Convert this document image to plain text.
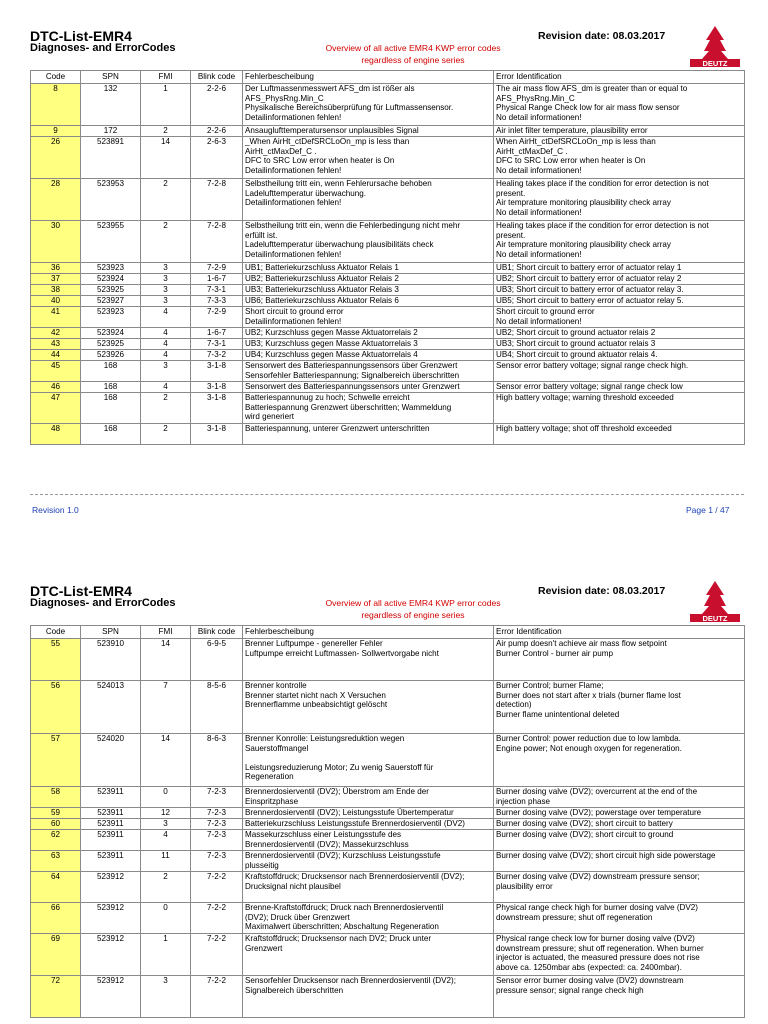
DTC-List-EMR4
Diagnoses- and ErrorCodes	Overview of all active EMR4 KWP error codes
regardless of engine series
Revision date: 08.03.2017
DEUTZ
Code	SPN	FMI	Blink code	Fehlerbescheibung	Error Identification
8	132	1	2-2-6	Der Luftmassenmesswert AFS_dm ist rößer als
AFS_PhysRng.Min_C
Physikalische Bereichsüberprüfung für Luftmassensensor.
Detailinformationen fehlen!	The air mass flow AFS_dm is greater than or equal to
AFS_PhysRng.Min_C
Physical Range Check low for air mass flow sensor
No detail informationen!
9	172	2	2-2-6	Ansauglufttemperatursensor unplausibles Signal	Air inlet filter temperature, plausibility error
26	523891	14	2-6-3	_When AirHt_ctDefSRCLoOn_mp is less than
AirHt_ctMaxDef_C .
DFC to SRC Low error when heater is On
Detailinformationen fehlen!	When AirHt_ctDefSRCLoOn_mp is less than
AirHt_ctMaxDef_C .
DFC to SRC Low error when heater is On
No detail informationen!
28	523953	2	7-2-8	Selbstheilung tritt ein, wenn Fehlerursache behoben
Ladelufttemperatur überwachung.
Detailinformationen fehlen!	Healing takes place if the condition for error detection is not
present.
Air temprature monitoring plausibility check array
No detail informationen!
30	523955	2	7-2-8	Selbstheilung tritt ein, wenn die Fehlerbedingung nicht mehr
erfüllt ist.
Ladelufttemperatur überwachung plausibilitäts check
Detailinformationen fehlen!	Healing takes place if the condition for error detection is not
present.
Air temprature monitoring plausibility check array
No detail informationen!
36	523923	3	7-2-9	UB1; Batteriekurzschluss Aktuator Relais 1	UB1; Short circuit to battery error of actuator relay 1
37	523924	3	1-6-7	UB2; Batteriekurzschluss Aktuator Relais 2	UB2; Short circuit to battery error of actuator relay 2
38	523925	3	7-3-1	UB3; Batteriekurzschluss Aktuator Relais 3	UB3; Short circuit to battery error of actuator relay 3.
40	523927	3	7-3-3	UB6; Batteriekurzschluss Aktuator Relais 6	UB5; Short circuit to battery error of actuator relay 5.
41	523923	4	7-2-9	Short circuit to ground error
Detailinformationen fehlen!	Short circuit to ground error
No detail informationen!
42	523924	4	1-6-7	UB2; Kurzschluss gegen Masse Aktuatorrelais 2	UB2; Short circuit to ground actuator relais 2
43	523925	4	7-3-1	UB3; Kurzschluss gegen Masse Aktuatorrelais 3	UB3; Short circuit to ground actuator relais 3
44	523926	4	7-3-2	UB4; Kurzschluss gegen Masse Aktuatorrelais 4	UB4; Short circuit to ground aktuator relais 4.
45	168	3	3-1-8	Sensorwert des Batteriespannungssensors über Grenzwert
Sensorfehler Batteriespannung; Signalbereich überschritten	Sensor error battery voltage; signal range check high.
46	168	4	3-1-8	Sensorwert des Batteriespannungssensors unter Grenzwert	Sensor error battery voltage; signal range check low
47	168	2	3-1-8	Batteriespannunug zu hoch; Schwelle erreicht
Batteriespannung Grenzwert überschritten; Wammeldung
wird generiert	High battery voltage; warning threshold exceeded
48	168	2	3-1-8	Batteriespannung, unterer Grenzwert unterschritten	High battery voltage; shot off threshold exceeded
Revision 1.0	Page 1 / 47
DTC-List-EMR4
Diagnoses- and ErrorCodes	Overview of all active EMR4 KWP error codes
regardless of engine series
Revision date: 08.03.2017
DEUTZ
Code	SPN	FMI	Blink code	Fehlerbescheibung	Error Identification
55	523910	14	6-9-5	Brenner Luftpumpe - genereller Fehler
Luftpumpe erreicht Luftmassen- Sollwertvorgabe nicht	Air pump doesn't achieve air mass flow setpoint
Burner Control - burner air pump
56	524013	7	8-5-6	Brenner kontrolle
Brenner startet nicht nach X Versuchen
Brennerflamme unbeabsichtigt gelöscht	Burner Control; burner Flame;
Burner does not start after x trials (burner flame lost
detection)
Burner flame unintentional deleted
57	524020	14	8-6-3	Brenner Konrolle: Leistungsreduktion wegen
Sauerstoffmangel

Leistungsreduzierung Motor; Zu wenig Sauerstoff für
Regeneration	Burner Control: power reduction due to low lambda.
Engine power; Not enough oxygen for regeneration.
58	523911	0	7-2-3	Brennerdosierventil (DV2); Überstrom am Ende der
Einspritzphase	Burner dosing valve (DV2); overcurrent at the end of the
injection phase
59	523911	12	7-2-3	Brennerdosierventil (DV2); Leistungsstufe Übertemperatur	Burner dosing valve (DV2); powerstage over temperature
60	523911	3	7-2-3	Batteriekurzschluss Leistungsstufe Brennerdosierventil (DV2)	Burner dosing valve (DV2); short circuit to battery
62	523911	4	7-2-3	Massekurzschluss einer Leistungsstufe des
Brennerdosierventil (DV2); Massekurzschluss	Burner dosing valve (DV2); short circuit to ground
63	523911	11	7-2-3	Brennerdosierventil (DV2); Kurzschluss Leistungsstufe
plusseitig	Burner dosing valve (DV2); short circuit high side powerstage
64	523912	2	7-2-2	Kraftstoffdruck; Drucksensor nach Brennerdosierventil (DV2);
Drucksignal nicht plausibel	Burner dosing valve (DV2) downstream pressure sensor;
plausibility error
66	523912	0	7-2-2	Brenne-Kraftstoffdruck; Druck nach Brennerdosierventil
(DV2); Druck über Grenzwert
Maximalwert überschritten; Abschaltung Regeneration	Physical range check high for burner dosing valve (DV2)
downstream pressure; shut off regeneration
69	523912	1	7-2-2	Kraftstoffdruck; Drucksensor nach DV2; Druck unter
Grenzwert	Physical range check low for burner dosing valve (DV2)
downstream pressure; shut off regeneration. When burner
injector is actuated, the measured pressure does not rise
above ca. 1250mbar abs (expected: ca. 2400mbar).
72	523912	3	7-2-2	Sensorfehler Drucksensor nach Brennerdosierventil (DV2);
Signalbereich überschritten	Sensor error burner dosing valve (DV2) downstream
pressure sensor; signal range check high
